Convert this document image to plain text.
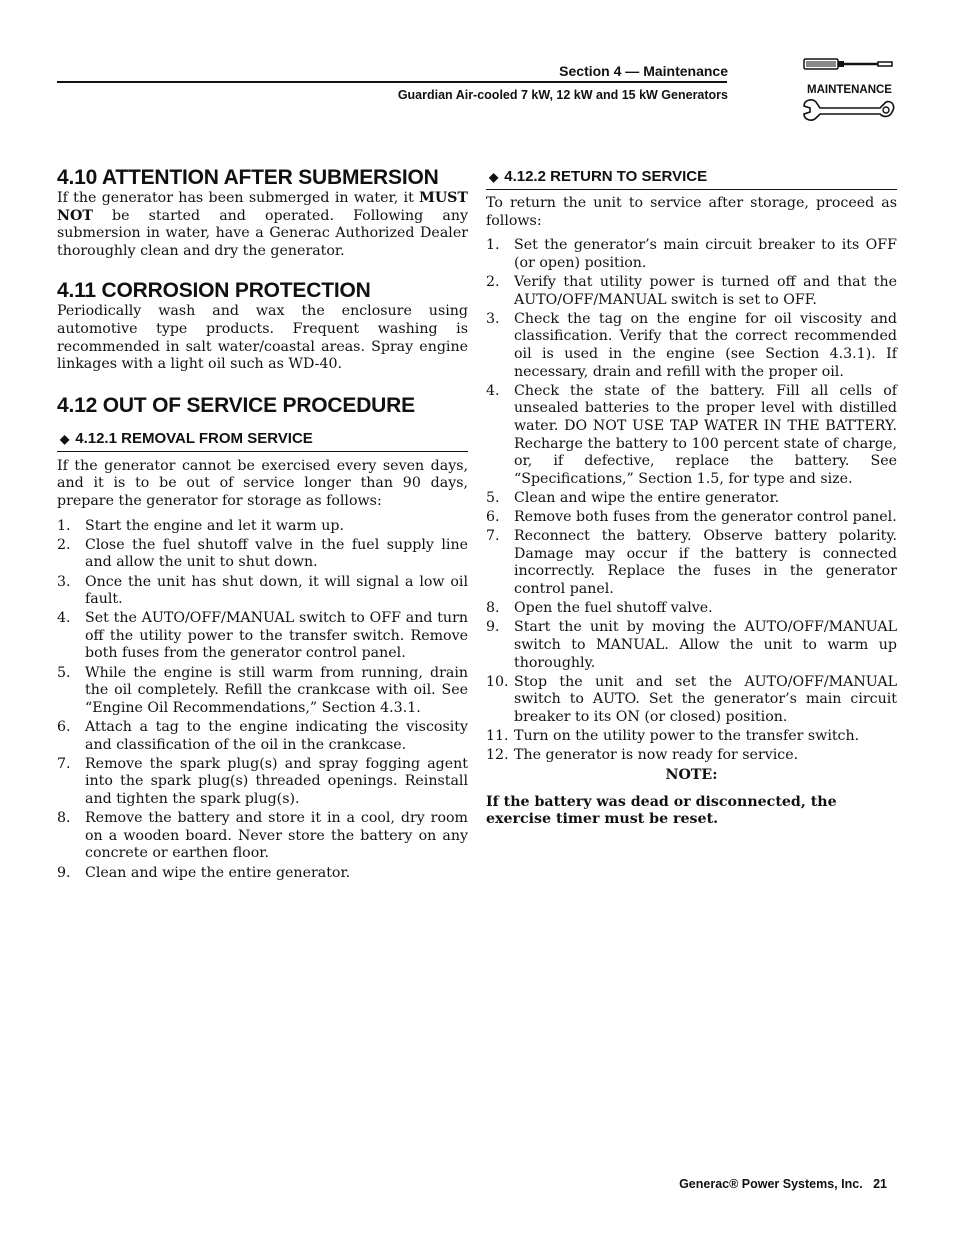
Section 4 — Maintenance
Guardian Air-cooled 7 kW, 12 kW and 15 kW Generators	MAINTENANCE
4.10 ATTENTION AFTER SUBMERSION

If the generator has been submerged in water, it MUST NOT be started and operated. Following any submersion in water, have a Generac Authorized Dealer thoroughly clean and dry the generator.

4.11 CORROSION PROTECTION

Periodically wash and wax the enclosure using automotive type products. Frequent washing is recommended in salt water/coastal areas. Spray engine linkages with a light oil such as WD-40.

4.12 OUT OF SERVICE PROCEDURE
◆ 4.12.1 REMOVAL FROM SERVICE

If the generator cannot be exercised every seven days, and it is to be out of service longer than 90 days, prepare the generator for storage as follows:

1.	Start the engine and let it warm up.
2.	Close the fuel shutoff valve in the fuel supply line and allow the unit to shut down.
3.	Once the unit has shut down, it will signal a low oil fault.
4.	Set the AUTO/OFF/MANUAL switch to OFF and turn off the utility power to the transfer switch. Remove both fuses from the generator control panel.
5.	While the engine is still warm from running, drain the oil completely. Refill the crankcase with oil. See “Engine Oil Recommendations,” Section 4.3.1.
6.	Attach a tag to the engine indicating the viscosity and classification of the oil in the crankcase.
7.	Remove the spark plug(s) and spray fogging agent into the spark plug(s) threaded openings. Reinstall and tighten the spark plug(s).
8.	Remove the battery and store it in a cool, dry room on a wooden board. Never store the battery on any concrete or earthen floor.
9.	Clean and wipe the entire generator.
◆ 4.12.2 RETURN TO SERVICE

To return the unit to service after storage, proceed as follows:

1.	Set the generator’s main circuit breaker to its OFF (or open) position.
2.	Verify that utility power is turned off and that the AUTO/OFF/MANUAL switch is set to OFF.
3.	Check the tag on the engine for oil viscosity and classification. Verify that the correct recommended oil is used in the engine (see Section 4.3.1). If necessary, drain and refill with the proper oil.
4.	Check the state of the battery. Fill all cells of unsealed batteries to the proper level with distilled water. DO NOT USE TAP WATER IN THE BATTERY. Recharge the battery to 100 percent state of charge, or, if defective, replace the battery. See “Specifications,” Section 1.5, for type and size.
5.	Clean and wipe the entire generator.
6.	Remove both fuses from the generator control panel.
7.	Reconnect the battery. Observe battery polarity. Damage may occur if the battery is connected incorrectly. Replace the fuses in the generator control panel.
8.	Open the fuel shutoff valve.
9.	Start the unit by moving the AUTO/OFF/MANUAL switch to MANUAL. Allow the unit to warm up thoroughly.
10. Stop the unit and set the AUTO/OFF/MANUAL switch to AUTO. Set the generator’s main circuit breaker to its ON (or closed) position.
11. Turn on the utility power to the transfer switch.
12. The generator is now ready for service.
NOTE:

If the battery was dead or disconnected, the exercise timer must be reset.

Generac® Power Systems, Inc. 21
